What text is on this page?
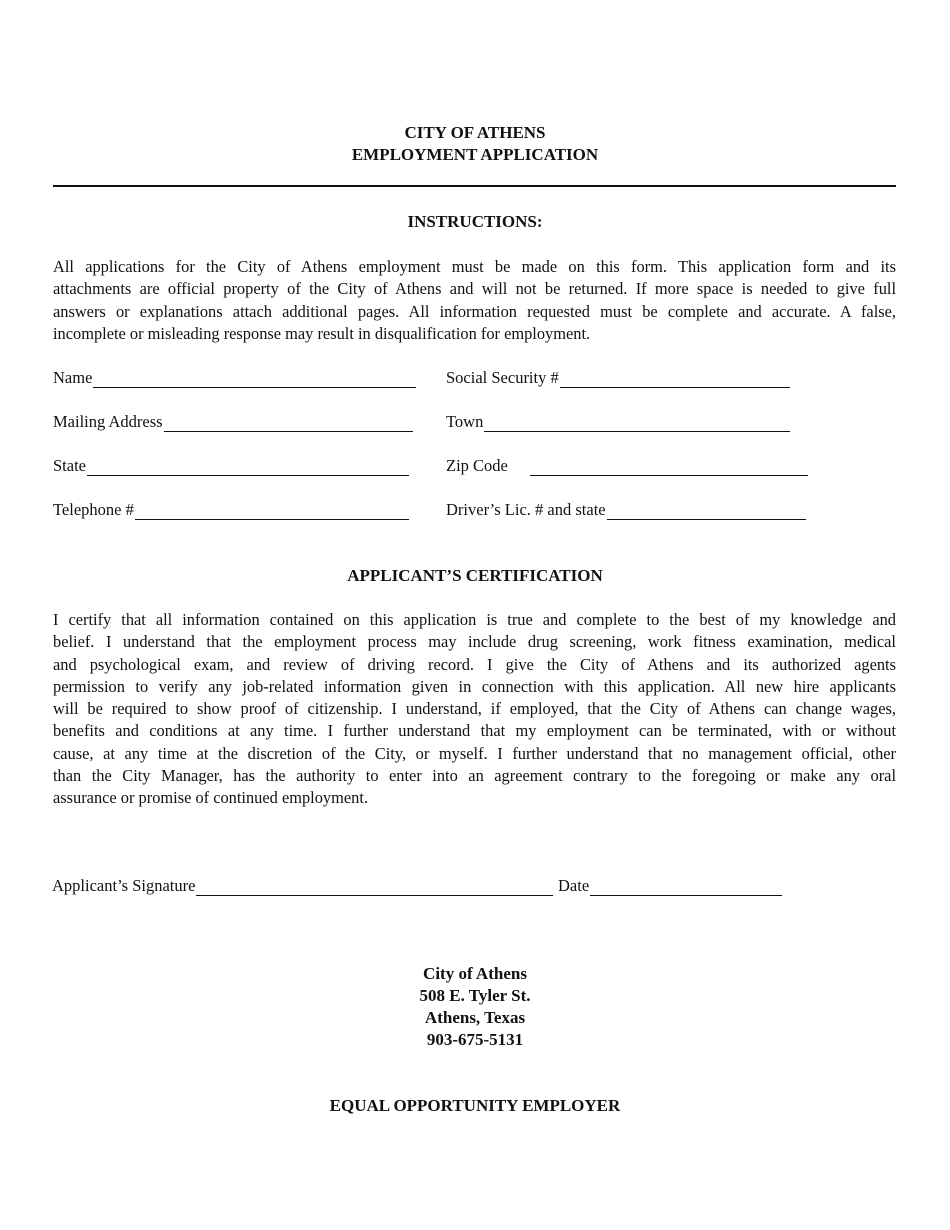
CITY OF ATHENS
EMPLOYMENT APPLICATION
INSTRUCTIONS:
All applications for the City of Athens employment must be made on this form. This application form and its
attachments are official property of the City of Athens and will not be returned. If more space is needed to give full
answers or explanations attach additional pages. All information requested must be complete and accurate. A false,
incomplete or misleading response may result in disqualification for employment.
Name	Social Security #
Mailing Address	Town
State	Zip Code
Telephone #	Driver’s Lic. # and state
APPLICANT’S CERTIFICATION
I certify that all information contained on this application is true and complete to the best of my knowledge and
belief. I understand that the employment process may include drug screening, work fitness examination, medical
and psychological exam, and review of driving record. I give the City of Athens and its authorized agents
permission to verify any job-related information given in connection with this application. All new hire applicants
will be required to show proof of citizenship. I understand, if employed, that the City of Athens can change wages,
benefits and conditions at any time. I further understand that my employment can be terminated, with or without
cause, at any time at the discretion of the City, or myself. I further understand that no management official, other
than the City Manager, has the authority to enter into an agreement contrary to the foregoing or make any oral
assurance or promise of continued employment.
Applicant’s Signature	Date
City of Athens
508 E. Tyler St.
Athens, Texas
903-675-5131
EQUAL OPPORTUNITY EMPLOYER
